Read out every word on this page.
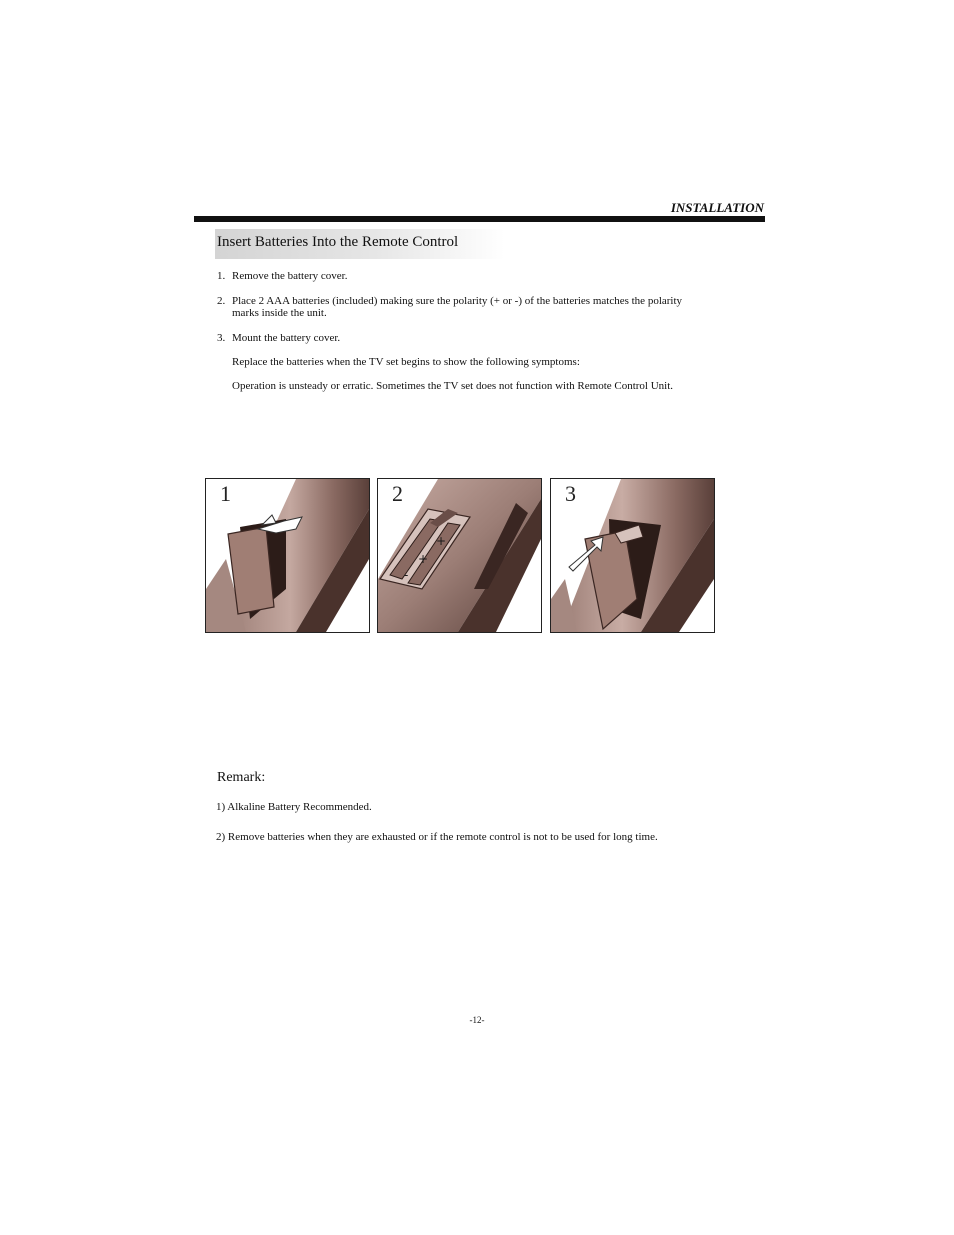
INSTALLATION
Insert Batteries Into the Remote Control
1. Remove the battery cover.
2. Place 2 AAA batteries (included) making sure the polarity (+ or -) of the batteries matches the polarity
marks inside the unit.
3. Mount the battery cover.
Replace the batteries when the TV set begins to show the following symptoms:
Operation is unsteady or erratic. Sometimes the TV set does not function with Remote Control Unit.
1
+
+
-
2	3
Remark:
1) Alkaline Battery Recommended.
2) Remove batteries when they are exhausted or if the remote control is not to be used for long time.
-12-
